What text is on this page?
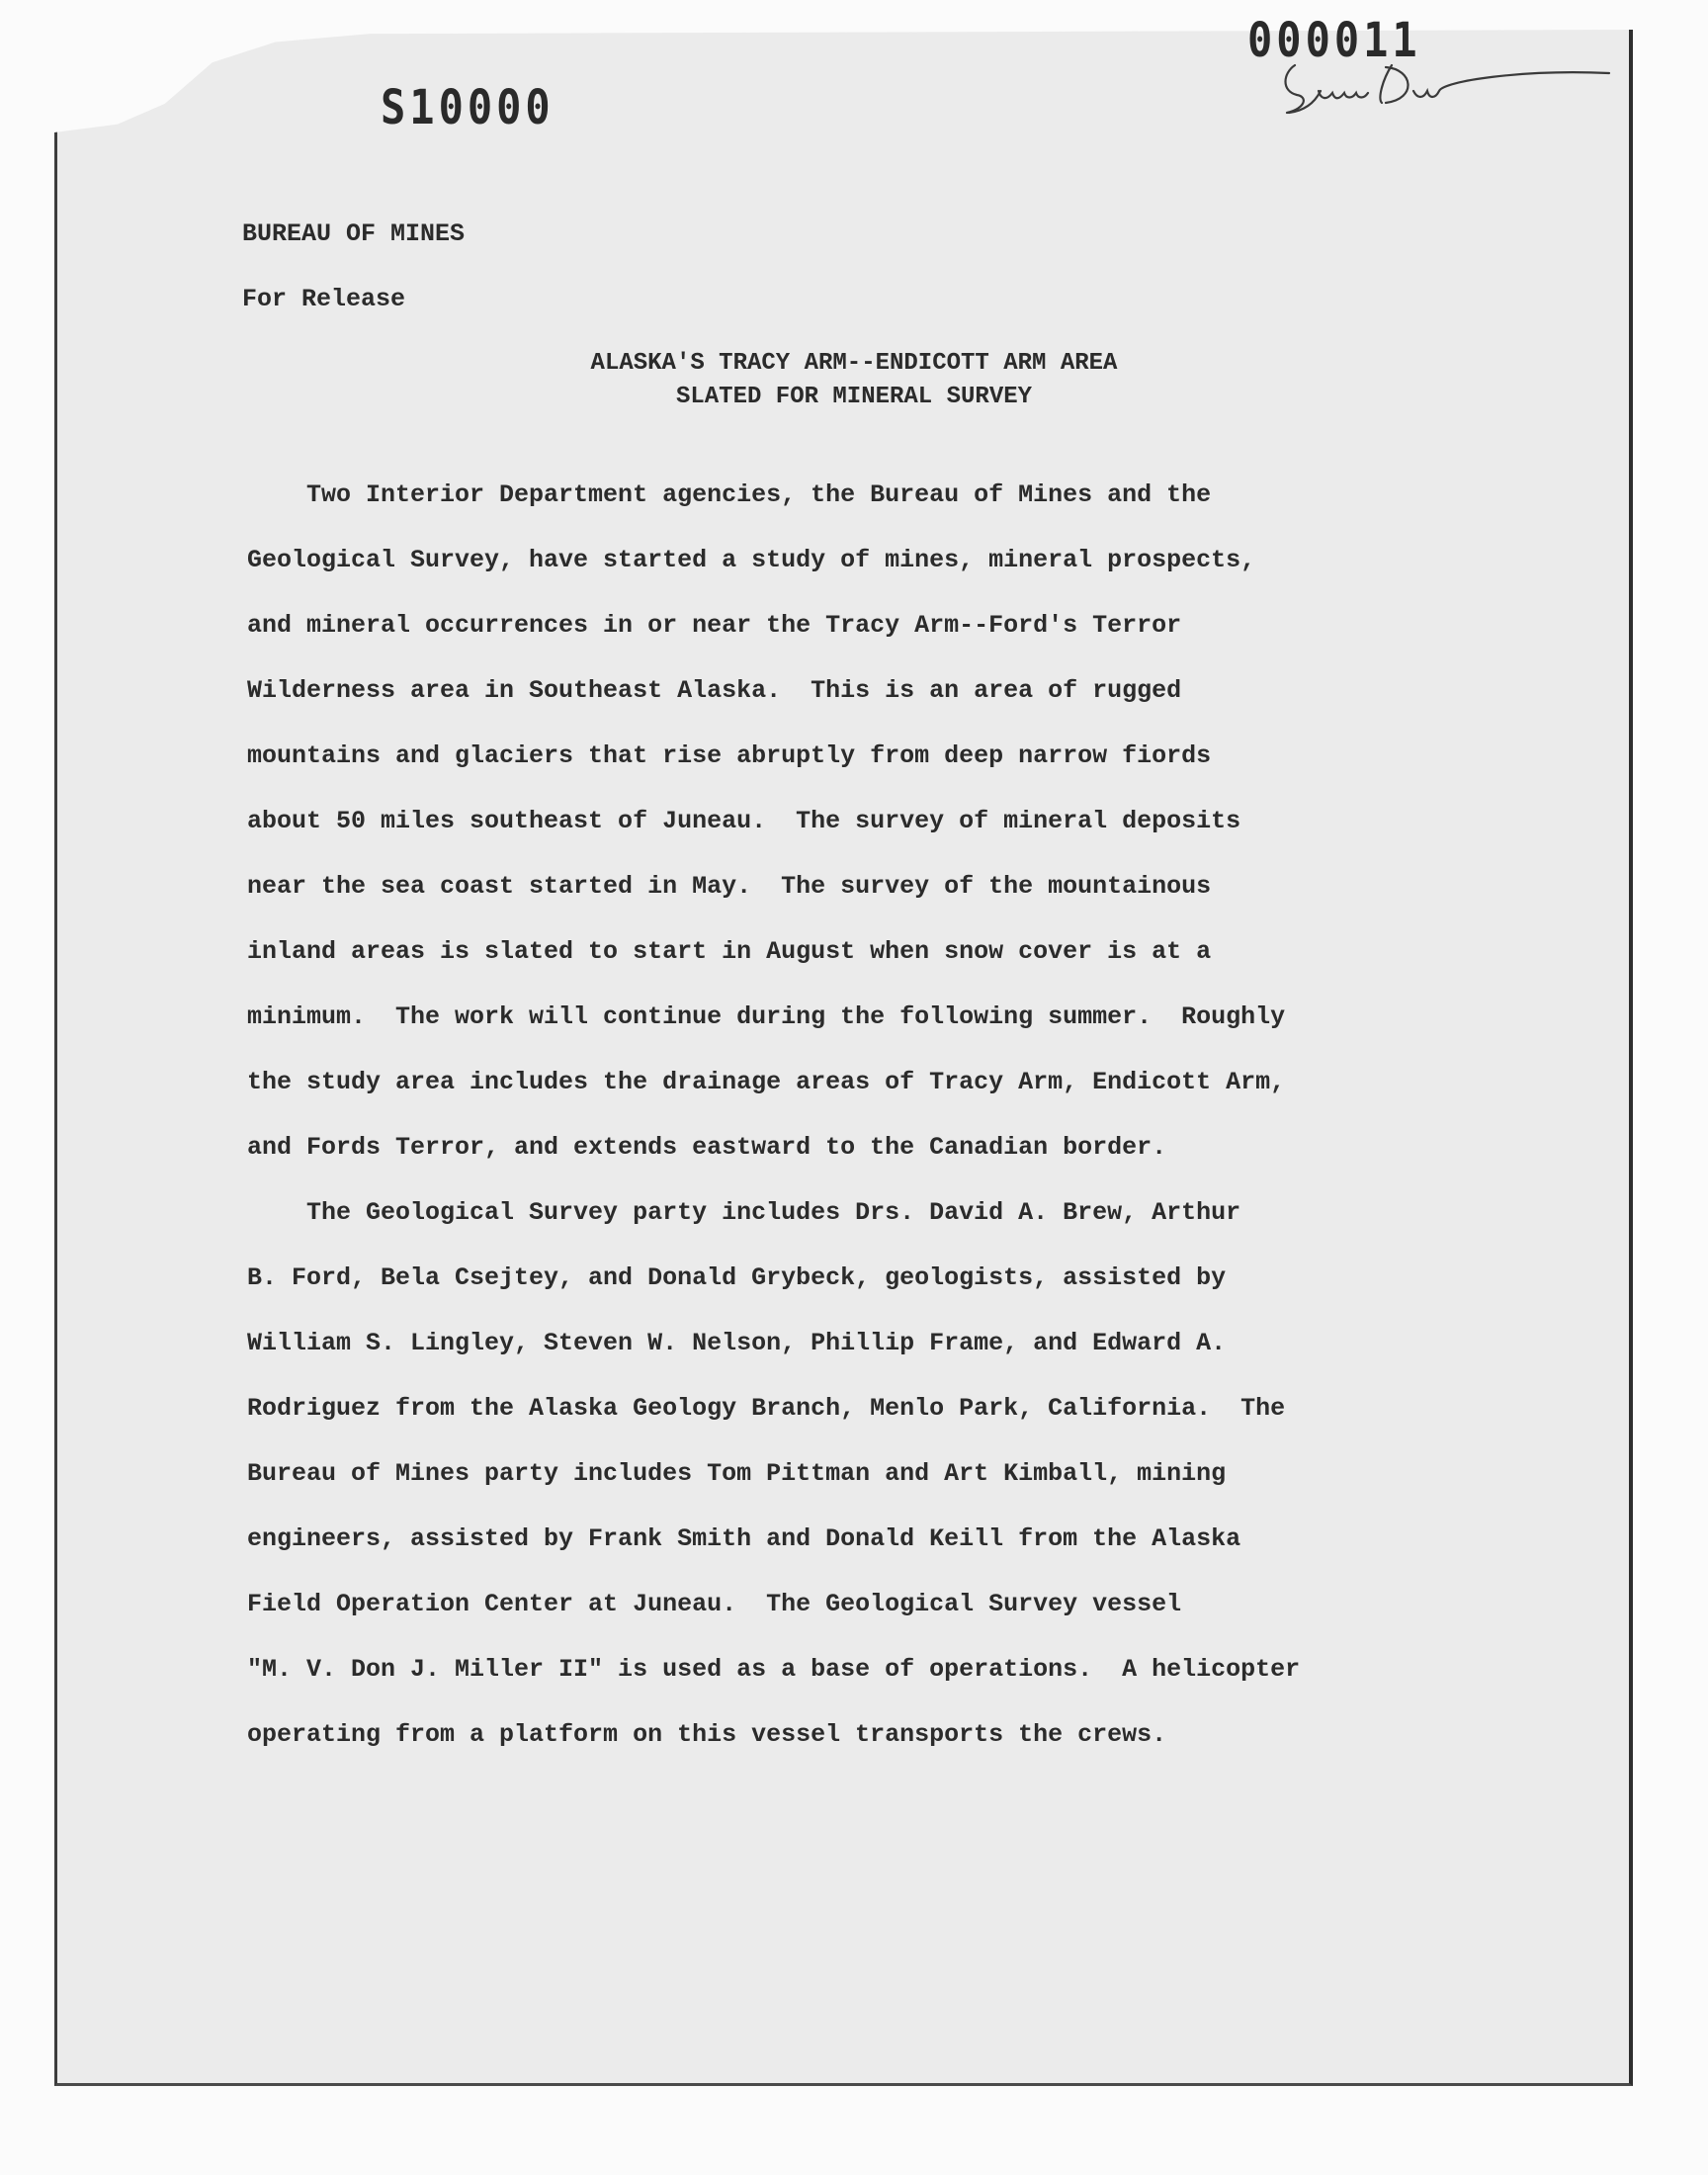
S10000
000011
BUREAU OF MINES
For Release
ALASKA'S TRACY ARM--ENDICOTT ARM AREA
SLATED FOR MINERAL SURVEY
Two Interior Department agencies, the Bureau of Mines and the
Geological Survey, have started a study of mines, mineral prospects,
and mineral occurrences in or near the Tracy Arm--Ford's Terror
Wilderness area in Southeast Alaska.  This is an area of rugged
mountains and glaciers that rise abruptly from deep narrow fiords
about 50 miles southeast of Juneau.  The survey of mineral deposits
near the sea coast started in May.  The survey of the mountainous
inland areas is slated to start in August when snow cover is at a
minimum.  The work will continue during the following summer.  Roughly
the study area includes the drainage areas of Tracy Arm, Endicott Arm,
and Fords Terror, and extends eastward to the Canadian border.
The Geological Survey party includes Drs. David A. Brew, Arthur
B. Ford, Bela Csejtey, and Donald Grybeck, geologists, assisted by
William S. Lingley, Steven W. Nelson, Phillip Frame, and Edward A.
Rodriguez from the Alaska Geology Branch, Menlo Park, California.  The
Bureau of Mines party includes Tom Pittman and Art Kimball, mining
engineers, assisted by Frank Smith and Donald Keill from the Alaska
Field Operation Center at Juneau.  The Geological Survey vessel
"M. V. Don J. Miller II" is used as a base of operations.  A helicopter
operating from a platform on this vessel transports the crews.
